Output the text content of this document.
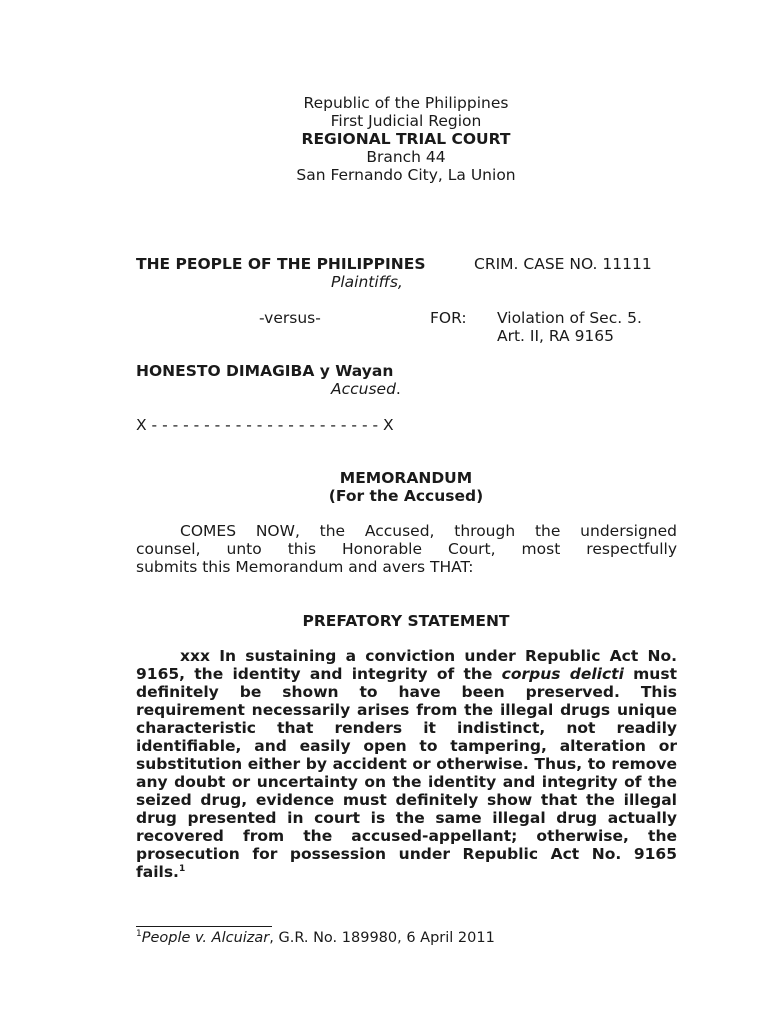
Republic of the Philippines
First Judicial Region
REGIONAL TRIAL COURT
Branch 44
San Fernando City, La Union
THE PEOPLE OF THE PHILIPPINES	CRIM. CASE NO. 11111
Plaintiffs,
-versus-	FOR: Violation of Sec. 5.
Art. II, RA 9165
HONESTO DIMAGIBA y Wayan
Accused.
X - - - - - - - - - - - - - - - - - - - - - - X
MEMORANDUM
(For the Accused)
COMES NOW, the Accused, through the undersigned
counsel, unto this Honorable Court, most respectfully
submits this Memorandum and avers THAT:
PREFATORY STATEMENT
xxx In sustaining a conviction under Republic Act No.
9165, the identity and integrity of the corpus delicti must
definitely be shown to have been preserved. This
requirement necessarily arises from the illegal drugs unique
characteristic that renders it indistinct, not readily
identifiable, and easily open to tampering, alteration or
substitution either by accident or otherwise. Thus, to remove
any doubt or uncertainty on the identity and integrity of the
seized drug, evidence must definitely show that the illegal
drug presented in court is the same illegal drug actually
recovered from the accused-appellant; otherwise, the
prosecution for possession under Republic Act No. 9165
fails.$^1$
$^1$People v. Alcuizar, G.R. No. 189980, 6 April 2011
